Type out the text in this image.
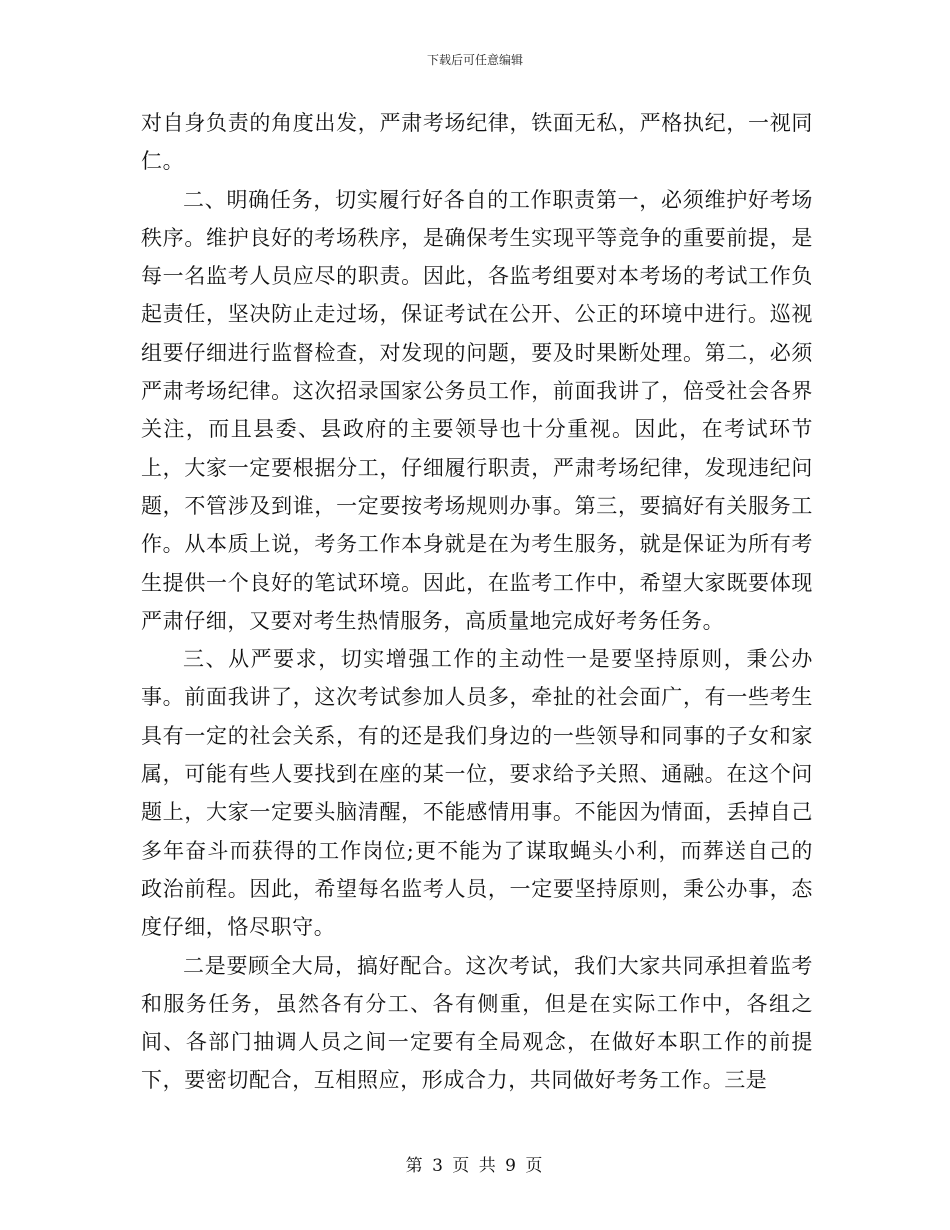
下载后可任意编辑

对自身负责的角度出发，严肃考场纪律，铁面无私，严格执纪，一视同仁。

二、明确任务，切实履行好各自的工作职责第一，必须维护好考场秩序。维护良好的考场秩序，是确保考生实现平等竞争的重要前提，是每一名监考人员应尽的职责。因此，各监考组要对本考场的考试工作负起责任，坚决防止走过场，保证考试在公开、公正的环境中进行。巡视组要仔细进行监督检查，对发现的问题，要及时果断处理。第二，必须严肃考场纪律。这次招录国家公务员工作，前面我讲了，倍受社会各界关注，而且县委、县政府的主要领导也十分重视。因此，在考试环节上，大家一定要根据分工，仔细履行职责，严肃考场纪律，发现违纪问题，不管涉及到谁，一定要按考场规则办事。第三，要搞好有关服务工作。从本质上说，考务工作本身就是在为考生服务，就是保证为所有考生提供一个良好的笔试环境。因此，在监考工作中，希望大家既要体现严肃仔细，又要对考生热情服务，高质量地完成好考务任务。

三、从严要求，切实增强工作的主动性一是要坚持原则，秉公办事。前面我讲了，这次考试参加人员多，牵扯的社会面广，有一些考生具有一定的社会关系，有的还是我们身边的一些领导和同事的子女和家属，可能有些人要找到在座的某一位，要求给予关照、通融。在这个问题上，大家一定要头脑清醒，不能感情用事。不能因为情面，丢掉自己多年奋斗而获得的工作岗位;更不能为了谋取蝇头小利，而葬送自己的政治前程。因此，希望每名监考人员，一定要坚持原则，秉公办事，态度仔细，恪尽职守。

二是要顾全大局，搞好配合。这次考试，我们大家共同承担着监考和服务任务，虽然各有分工、各有侧重，但是在实际工作中，各组之间、各部门抽调人员之间一定要有全局观念，在做好本职工作的前提下，要密切配合，互相照应，形成合力，共同做好考务工作。三是

第 3 页 共 9 页
